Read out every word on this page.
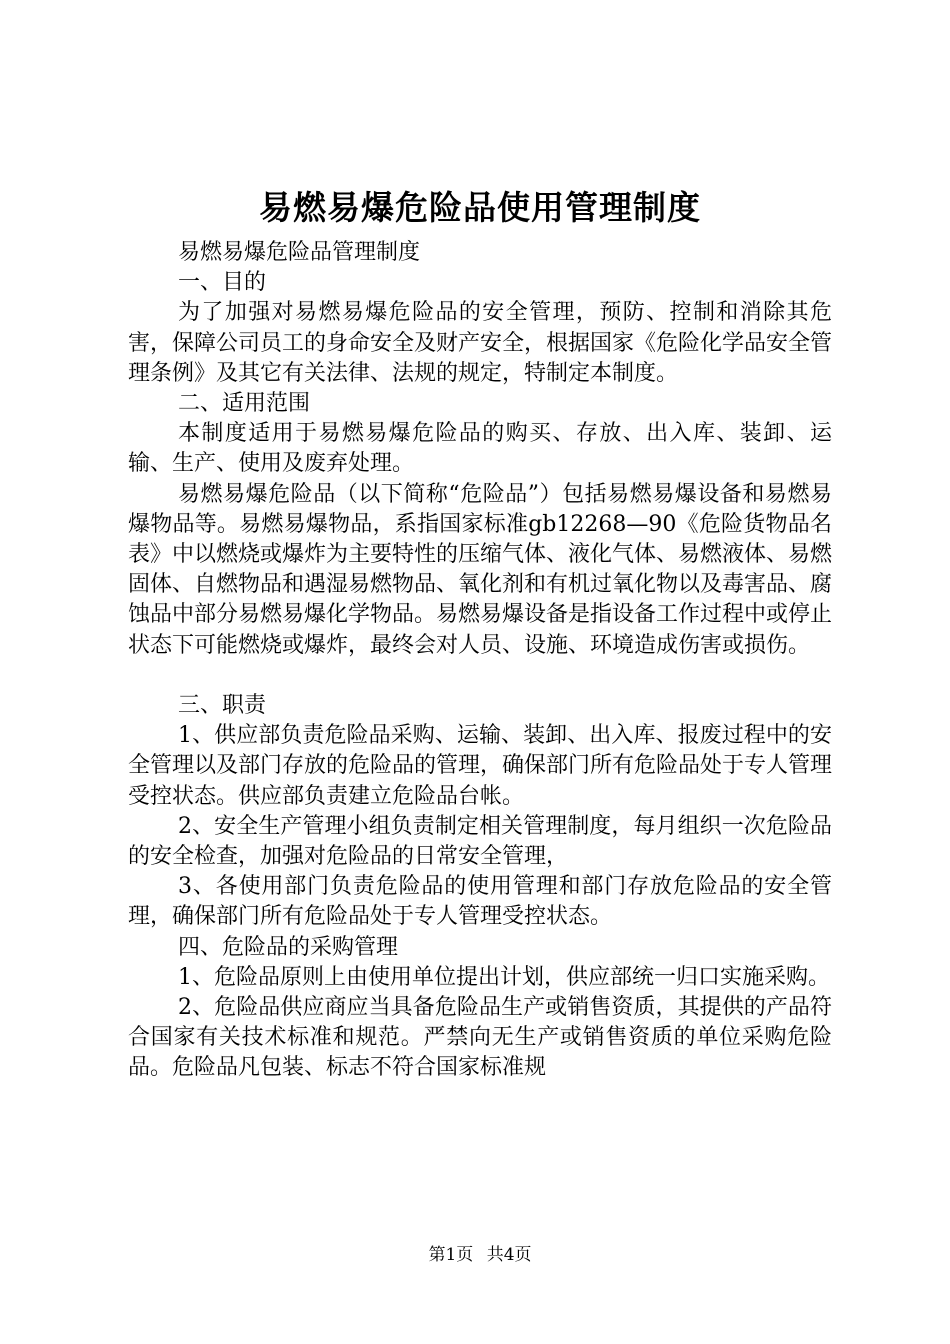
易燃易爆危险品使用管理制度

易燃易爆危险品管理制度

一、目的

为了加强对易燃易爆危险品的安全管理，预防、控制和消除其危害，保障公司员工的身命安全及财产安全，根据国家《危险化学品安全管理条例》及其它有关法律、法规的规定，特制定本制度。

二、适用范围

本制度适用于易燃易爆危险品的购买、存放、出入库、装卸、运输、生产、使用及废弃处理。

易燃易爆危险品（以下简称“危险品”）包括易燃易爆设备和易燃易爆物品等。易燃易爆物品，系指国家标准gb12268—90《危险货物品名表》中以燃烧或爆炸为主要特性的压缩气体、液化气体、易燃液体、易燃固体、自燃物品和遇湿易燃物品、氧化剂和有机过氧化物以及毒害品、腐蚀品中部分易燃易爆化学物品。易燃易爆设备是指设备工作过程中或停止状态下可能燃烧或爆炸，最终会对人员、设施、环境造成伤害或损伤。

三、职责

1、供应部负责危险品采购、运输、装卸、出入库、报废过程中的安全管理以及部门存放的危险品的管理，确保部门所有危险品处于专人管理受控状态。供应部负责建立危险品台帐。

2、安全生产管理小组负责制定相关管理制度，每月组织一次危险品的安全检查，加强对危险品的日常安全管理，

3、各使用部门负责危险品的使用管理和部门存放危险品的安全管理，确保部门所有危险品处于专人管理受控状态。

四、危险品的采购管理

1、危险品原则上由使用单位提出计划，供应部统一归口实施采购。

2、危险品供应商应当具备危险品生产或销售资质，其提供的产品符合国家有关技术标准和规范。严禁向无生产或销售资质的单位采购危险品。危险品凡包装、标志不符合国家标准规

第1页 共4页
